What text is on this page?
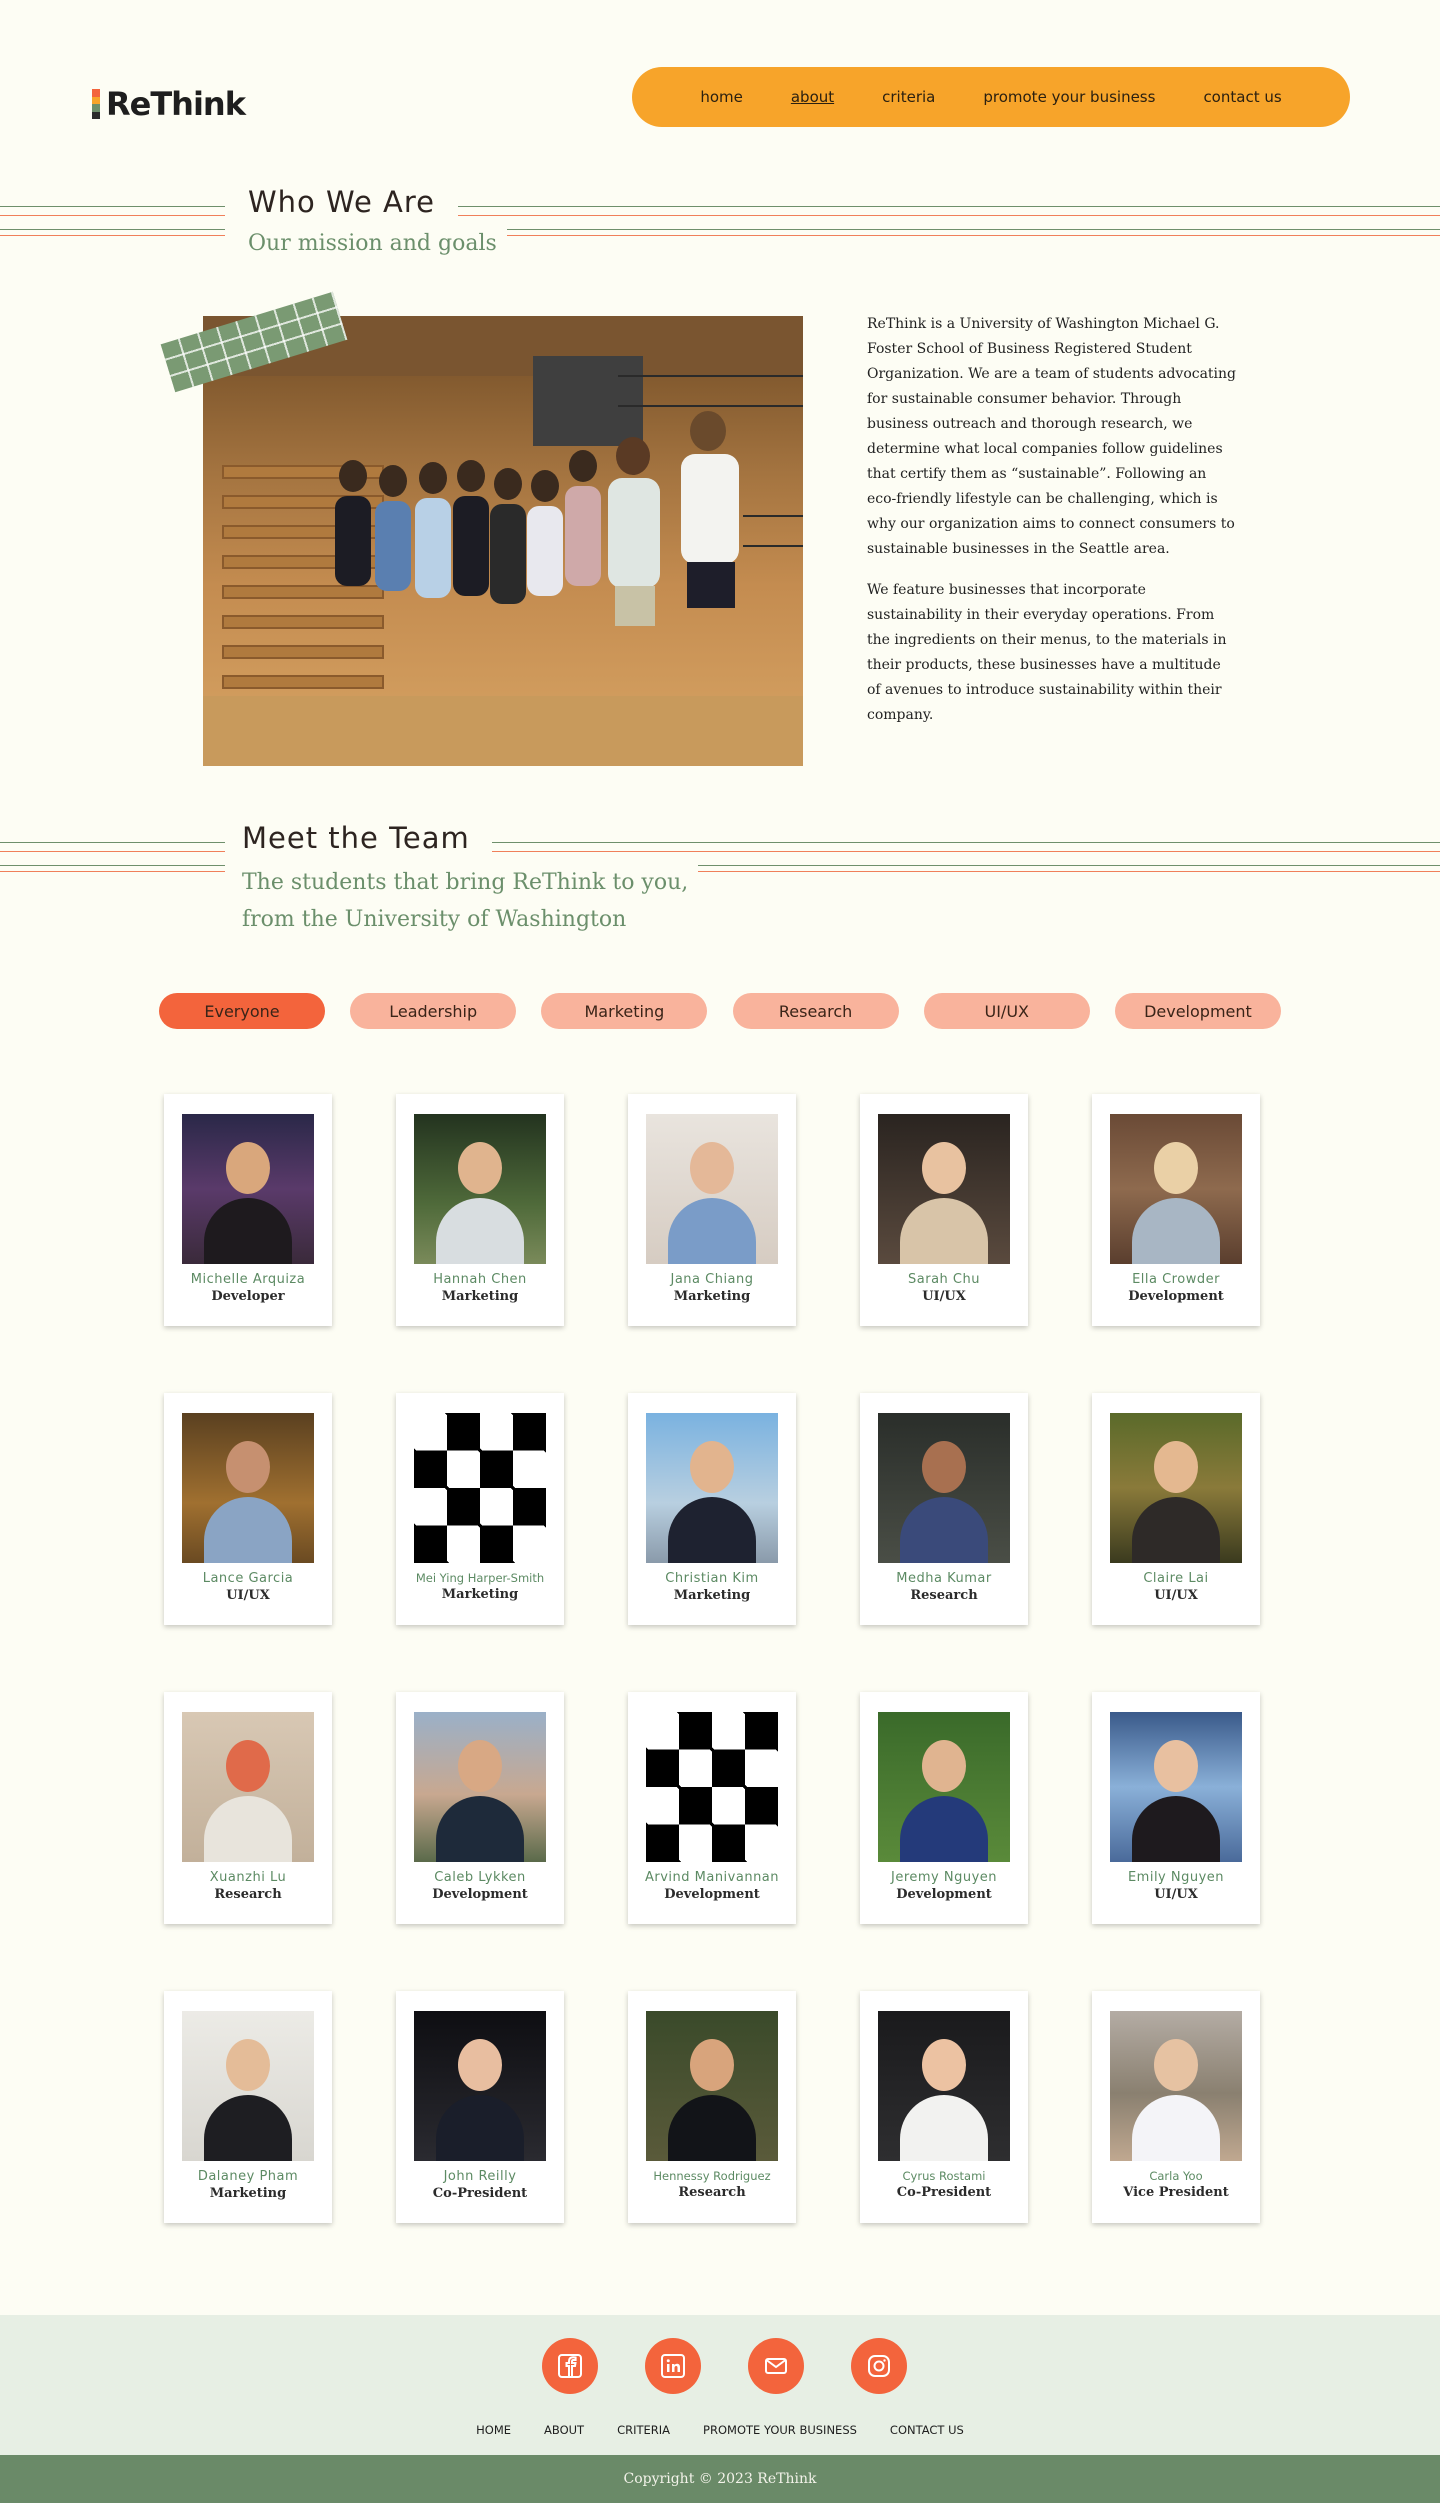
ReThink	home	about	criteria	promote your business	contact us
Who We Are
Our mission and goals

ReThink is a University of Washington Michael G. Foster School of Business Registered Student Organization. We are a team of students advocating for sustainable consumer behavior. Through business outreach and thorough research, we determine what local companies follow guidelines that certify them as “sustainable”. Following an eco-friendly lifestyle can be challenging, which is why our organization aims to connect consumers to sustainable businesses in the Seattle area.

We feature businesses that incorporate sustainability in their everyday operations. From the ingredients on their menus, to the materials in their products, these businesses have a multitude of avenues to introduce sustainability within their company.

Meet the Team
The students that bring ReThink to you,
from the University of Washington
Everyone	Leadership	Marketing	Research	UI/UX	Development
Michelle Arquiza
Developer
Hannah Chen
Marketing
Jana Chiang
Marketing
Sarah Chu
UI/UX
Ella Crowder
Development
Lance Garcia
UI/UX
Mei Ying Harper-Smith
Marketing
Christian Kim
Marketing
Medha Kumar
Research
Claire Lai
UI/UX
Xuanzhi Lu
Research
Caleb Lykken
Development
Arvind Manivannan
Development
Jeremy Nguyen
Development
Emily Nguyen
UI/UX
Dalaney Pham
Marketing
John Reilly
Co-President
Hennessy Rodriguez
Research
Cyrus Rostami
Co-President
Carla Yoo
Vice President
HOME	ABOUT	CRITERIA	PROMOTE YOUR BUSINESS	CONTACT US
Copyright © 2023 ReThink
